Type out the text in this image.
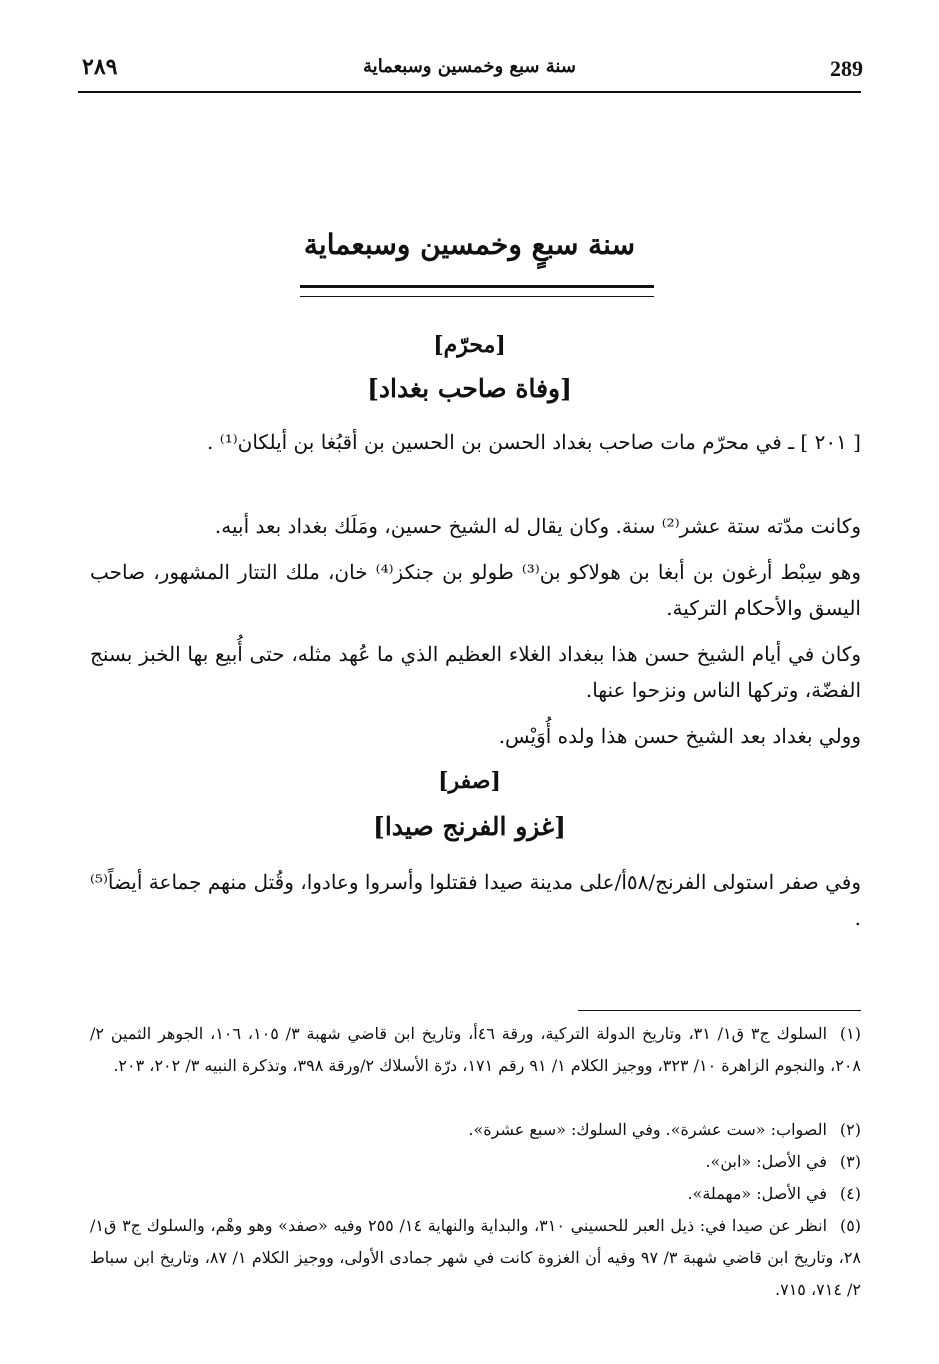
289
سنة سبع وخمسين وسبعماية
٢٨٩
سنة سبعٍ وخمسين وسبعماية
[محرّم]
[وفاة صاحب بغداد]
[ ٢٠١ ] ـ في محرّم مات صاحب بغداد الحسن بن الحسين بن أقبُغا بن أيلكان⁽¹⁾ .
وكانت مدّته ستة عشر⁽²⁾ سنة. وكان يقال له الشيخ حسين، ومَلَك بغداد بعد أبيه.
وهو سِبْط أرغون بن أبغا بن هولاكو بن⁽³⁾ طولو بن جنكز⁽⁴⁾ خان، ملك التتار المشهور، صاحب اليسق والأحكام التركية.
وكان في أيام الشيخ حسن هذا ببغداد الغلاء العظيم الذي ما عُهد مثله، حتى أُبيع بها الخبز بسنج الفضّة، وتركها الناس ونزحوا عنها.
وولي بغداد بعد الشيخ حسن هذا ولده أُوَيْس.
[صفر]
[غزو الفرنج صيدا]
وفي صفر استولى الفرنج/٥٨أ/على مدينة صيدا فقتلوا وأسروا وعادوا، وقُتل منهم جماعة أيضاً⁽⁵⁾ .
(١)السلوك ج٣ ق١/ ٣١، وتاريخ الدولة التركية، ورقة ٤٦أ، وتاريخ ابن قاضي شهبة ٣/ ١٠٥، ١٠٦، الجوهر الثمين ٢/ ٢٠٨، والنجوم الزاهرة ١٠/ ٣٢٣، ووجيز الكلام ١/ ٩١ رقم ١٧١، درّة الأسلاك ٢/ورقة ٣٩٨، وتذكرة النبيه ٣/ ٢٠٢، ٢٠٣.
(٢)الصواب: «ست عشرة». وفي السلوك: «سبع عشرة».
(٣)في الأصل: «ابن».
(٤)في الأصل: «مهملة».
(٥)انظر عن صيدا في: ذيل العبر للحسيني ٣١٠، والبداية والنهاية ١٤/ ٢٥٥ وفيه «صفد» وهو وهْم، والسلوك ج٣ ق١/ ٢٨، وتاريخ ابن قاضي شهبة ٣/ ٩٧ وفيه أن الغزوة كانت في شهر جمادى الأولى، ووجيز الكلام ١/ ٨٧، وتاريخ ابن سباط ٢/ ٧١٤، ٧١٥.
